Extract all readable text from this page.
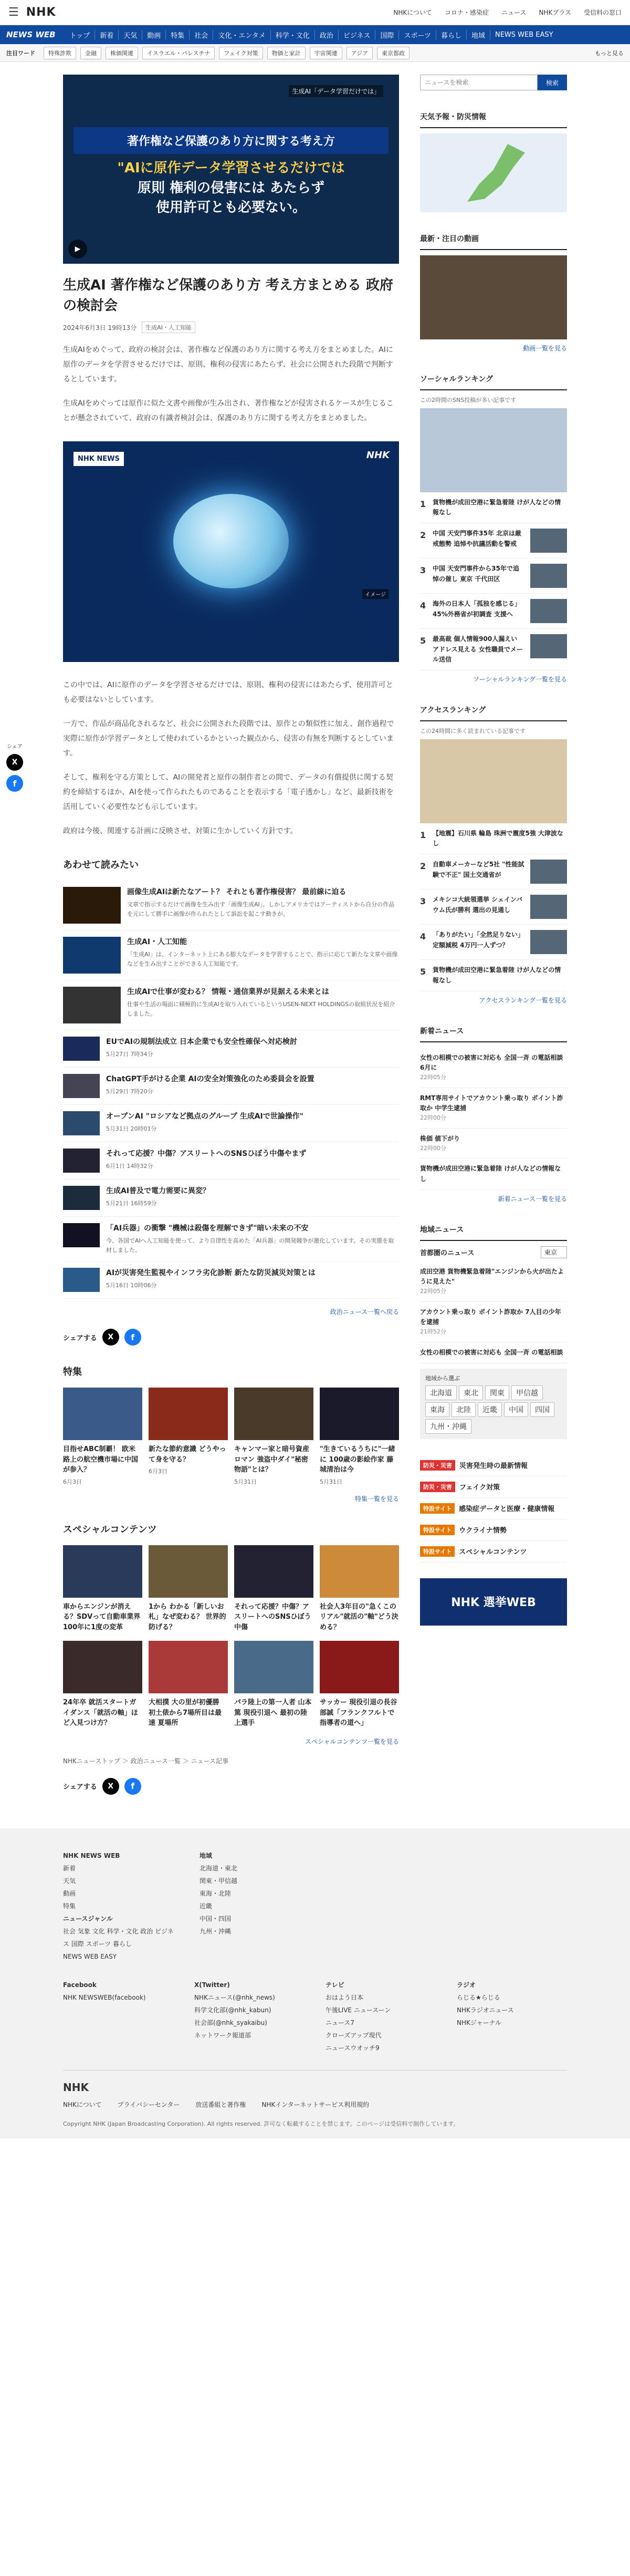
☰ NHK	NHKについて コロナ・感染症 ニュース NHKプラス 受信料の窓口
NEWS WEB	トップ	新着	天気	動画	特集	社会	文化・エンタメ	科学・文化	政治	ビジネス	国際	スポーツ	暮らし	地域	NEWS WEB EASY
注目ワード	特殊詐欺	金融	株価関連	イスラエル・パレスチナ	フェイク対策	物価と家計	宇宙関連	アジア	東京都政	もっと見る
シェア
X
f
生成AI「データ学習だけでは」
著作権など保護のあり方に関する考え方
"AIに原作データ学習させるだけでは
原則 権利の侵害には あたらず
使用許可とも必要ない。
▶
生成AI 著作権など保護のあり方 考え方まとめる 政府の検討会
2024年6月3日 19時13分	生成AI・人工知能

生成AIをめぐって、政府の検討会は、著作権など保護のあり方に関する考え方をまとめました。AIに原作のデータを学習させるだけでは、原則、権利の侵害にあたらず、社会に公開された段階で判断するとしています。

生成AIをめぐっては原作に似た文書や画像が生み出され、著作権などが侵害されるケースが生じることが懸念されていて、政府の有識者検討会は、保護のあり方に関する考え方をまとめました。

NHK NEWS	NHK
イメージ

この中では、AIに原作のデータを学習させるだけでは、原則、権利の侵害にはあたらず、使用許可とも必要はないとしています。

一方で、作品が商品化されるなど、社会に公開された段階では、原作との類似性に加え、創作過程で実際に原作が学習データとして使われているかといった観点から、侵害の有無を判断するとしています。

そして、権利を守る方策として、AIの開発者と原作の制作者との間で、データの有償提供に関する契約を締結するほか、AIを使って作られたものであることを表示する「電子透かし」など、最新技術を活用していく必要性なども示しています。

政府は今後、関連する計画に反映させ、対策に生かしていく方針です。

あわせて読みたい
画像生成AIは新たなアート？ それとも著作権侵害？ 最前線に迫る
文章で指示するだけで画像を生み出す「画像生成AI」。しかしアメリカではアーティストから自分の作品を元にして勝手に画像が作られたとして訴訟を起こす動きが。
生成AI・人工知能
「生成AI」は、インターネット上にある膨大なデータを学習することで、指示に応じて新たな文章や画像などを生み出すことができる人工知能です。
生成AIで仕事が変わる？ 情報・通信業界が見据える未来とは
仕事や生活の場面に積極的に生成AIを取り入れているというUSEN-NEXT HOLDINGSの取組状況を紹介しました。
EUでAIの規制法成立 日本企業でも安全性確保へ対応検討
5月27日 7時34分
ChatGPT手がける企業 AIの安全対策強化のため委員会を設置
5月29日 7時20分
オープンAI "ロシアなど拠点のグループ 生成AIで世論操作"
5月31日 20時01分
それって応援？中傷？アスリートへのSNSひぼう中傷やまず
6月1日 14時32分
生成AI普及で電力需要に異変？
5月21日 16時59分
「AI兵器」の衝撃 "機械は殺傷を理解できず"暗い未来の不安
今、各国でAIへ人工知能を使って、より自律性を高めた「AI兵器」の開発競争が激化しています。その実態を取材しました。
AIが災害発生監視やインフラ劣化診断 新たな防災減災対策とは
5月16日 10時06分
政治ニュース一覧へ戻る
シェアする	X	f
特集
目指せABC制覇！ 欧米路上の航空機市場に中国が参入？
6月3日
新たな節約意識 どうやって身を守る？
6月3日
キャンマー家と暗号資産ロマン 強盗中ダイ"秘密物語"とは？
5月31日
"生きているうちに"一緒に 100歳の影絵作家 藤城清治は今
5月31日
特集一覧を見る
スペシャルコンテンツ
車からエンジンが消える？SDVって自動車業界100年に1度の変革
1から わかる「新しいお札」なぜ変わる？ 世界的 防げる？
それって応援？中傷？アスリートへのSNSひぼう中傷
社会人3年目の"急くこのリアル"就活の"軸"どう決める？
24年卒 就活スタートガイダンス「就活の軸」ほど入見つけ方？
大相撲 大の里が初優勝 初土俵から7場所目は最速 夏場所
パラ陸上の第一人者 山本篤 現役引退へ 最初の陸上選手
サッカー 現役引退の長谷部誠「フランクフルトで指導者の道へ」
スペシャルコンテンツ一覧を見る
NHKニューストップ ＞ 政治ニュース一覧 ＞ ニュース記事
シェアする	X	f
ニュースを検索
検索
天気予報・防災情報
最新・注目の動画
動画一覧を見る
ソーシャルランキング
この2時間のSNS投稿が多い記事です
1 貨物機が成田空港に緊急着陸 けが人などの情報なし
2 中国 天安門事件35年 北京は厳戒態勢 追悼や抗議活動を警戒
3 中国 天安門事件から35年で追悼の催し 東京 千代田区
4 海外の日本人「孤独を感じる」45%外務省が初調査 支援へ
5 最高裁 個人情報900人漏えい アドレス見える 女性職員でメール送信
ソーシャルランキング一覧を見る
アクセスランキング
この24時間に多く読まれている記事です
1 【地震】石川県 輪島 珠洲で震度5強 大津波なし
2 自動車メーカーなど5社 "性能試験で不正" 国土交通省が
3 メキシコ大統領選挙 シェインバウム氏が勝利 選出の見通し
4 「ありがたい」「全然足りない」定額減税 4万円一人ずつ？
5 貨物機が成田空港に緊急着陸 けが人などの情報なし
アクセスランキング一覧を見る
新着ニュース
女性の相模での被害に対応も 全国一斉 の電話相談 6月に
22時05分
RMT専用サイトでアカウント乗っ取り ポイント詐取か 中学生逮捕
22時00分
株価 値下がり
22時00分
貨物機が成田空港に緊急着陸 けが人などの情報なし
新着ニュース一覧を見る
地域ニュース
首都圏のニュース	東京
成田空港 貨物機緊急着陸"エンジンから火が出たように見えた"
22時05分
アカウント乗っ取り ポイント詐取か 7人目の少年を逮捕
21時52分
女性の相模での被害に対応も 全国一斉 の電話相談
地域から選ぶ
北海道	東北	関東	甲信越
東海	北陸	近畿	中国	四国
九州・沖縄
防災・災害	災害発生時の最新情報
防災・災害	フェイク対策
特設サイト	感染症データと医療・健康情報
特設サイト	ウクライナ情勢
特設サイト	スペシャルコンテンツ
NHK 選挙WEB
NHK NEWS WEB
新着
天気
動画
特集
ニュースジャンル
社会 気象 文化 科学・文化 政治 ビジネス 国際 スポーツ 暮らし
NEWS WEB EASY
地域
北海道・東北
関東・甲信越
東海・北陸
近畿
中国・四国
九州・沖縄
Facebook
NHK NEWSWEB(facebook)
X(Twitter)
NHKニュース(@nhk_news)
科学文化部(@nhk_kabun)
社会部(@nhk_syakaibu)
ネットワーク報道部
テレビ
おはよう日本
午後LIVE ニュースーン
ニュース7
クローズアップ現代
ニュースウオッチ9
ラジオ
らじる★らじる
NHKラジオニュース
NHKジャーナル
NHK
NHKについて	プライバシーセンター	放送番組と著作権	NHKインターネットサービス利用規約
Copyright NHK (Japan Broadcasting Corporation). All rights reserved. 許可なく転載することを禁じます。このページは受信料で制作しています。
